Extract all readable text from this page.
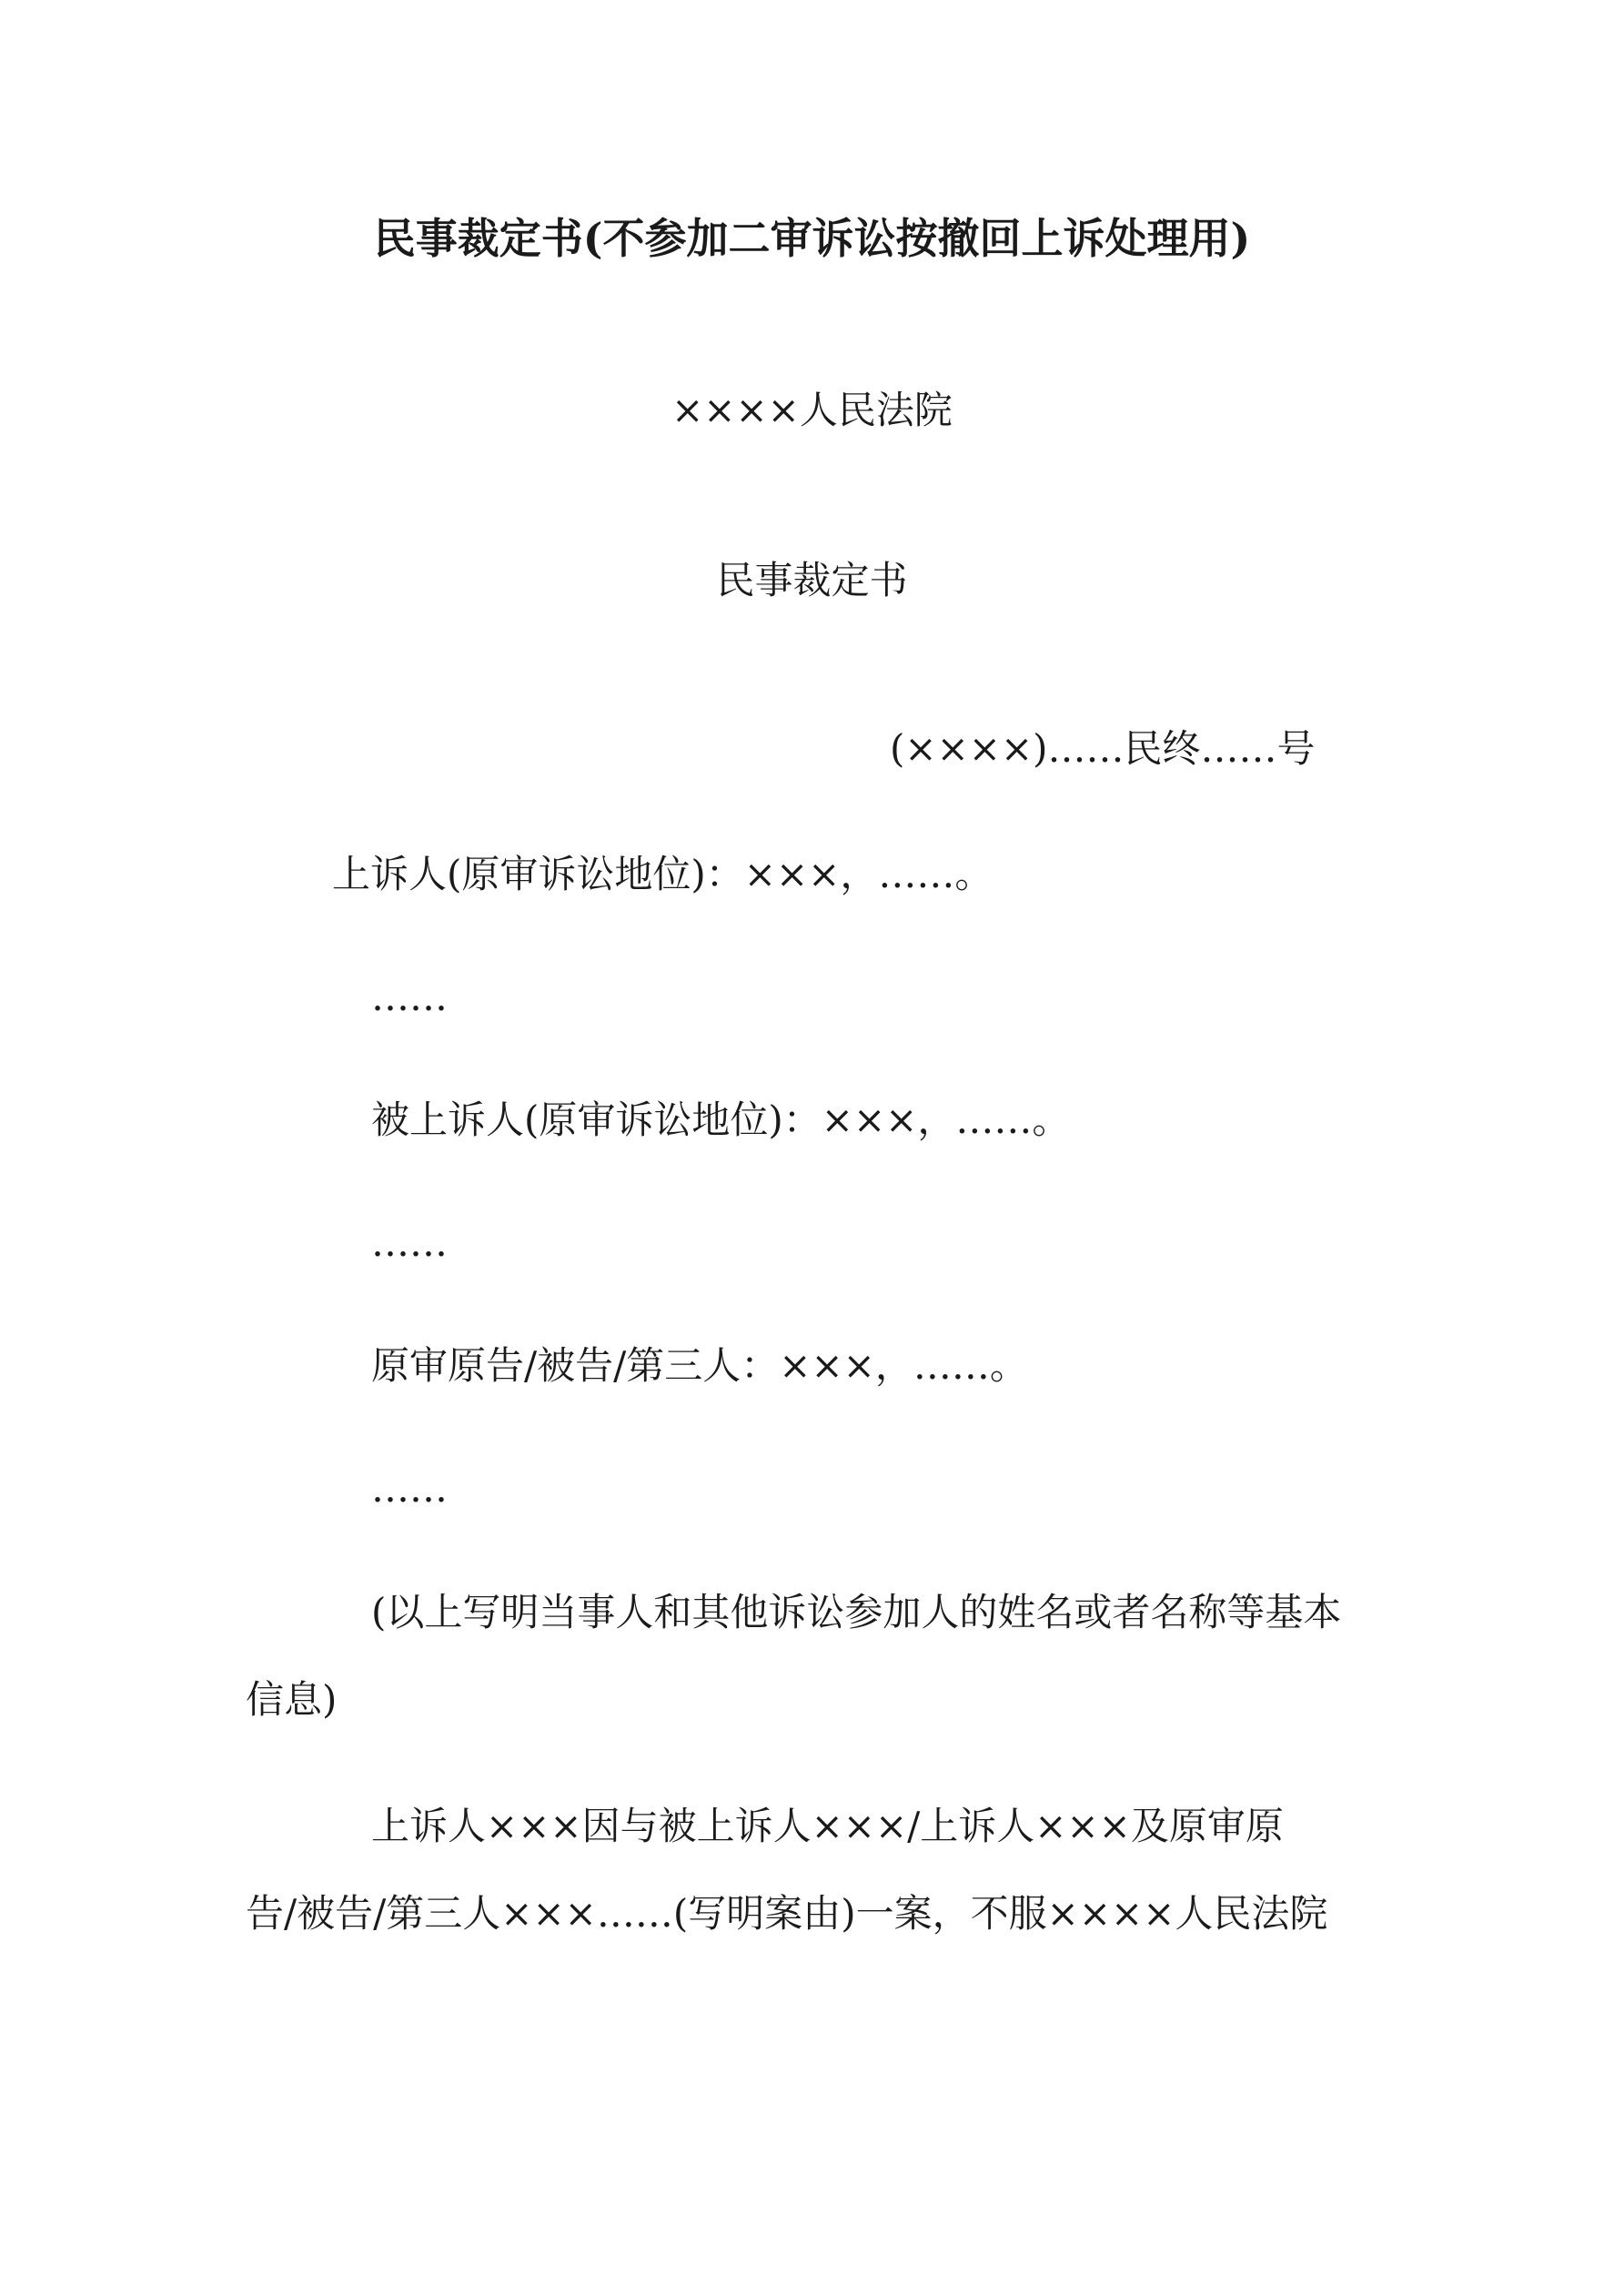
民事裁定书(不参加二审诉讼按撤回上诉处理用)
××××人民法院
民事裁定书
(××××)……民终……号
上诉人(原审诉讼地位)：×××，……。
……
被上诉人(原审诉讼地位)：×××，……。
……
原审原告/被告/第三人：×××，……。
……
(以上写明当事人和其他诉讼参加人的姓名或者名称等基本
信息)
上诉人×××因与被上诉人×××/上诉人×××及原审原
告/被告/第三人×××……(写明案由)一案，不服××××人民法院
